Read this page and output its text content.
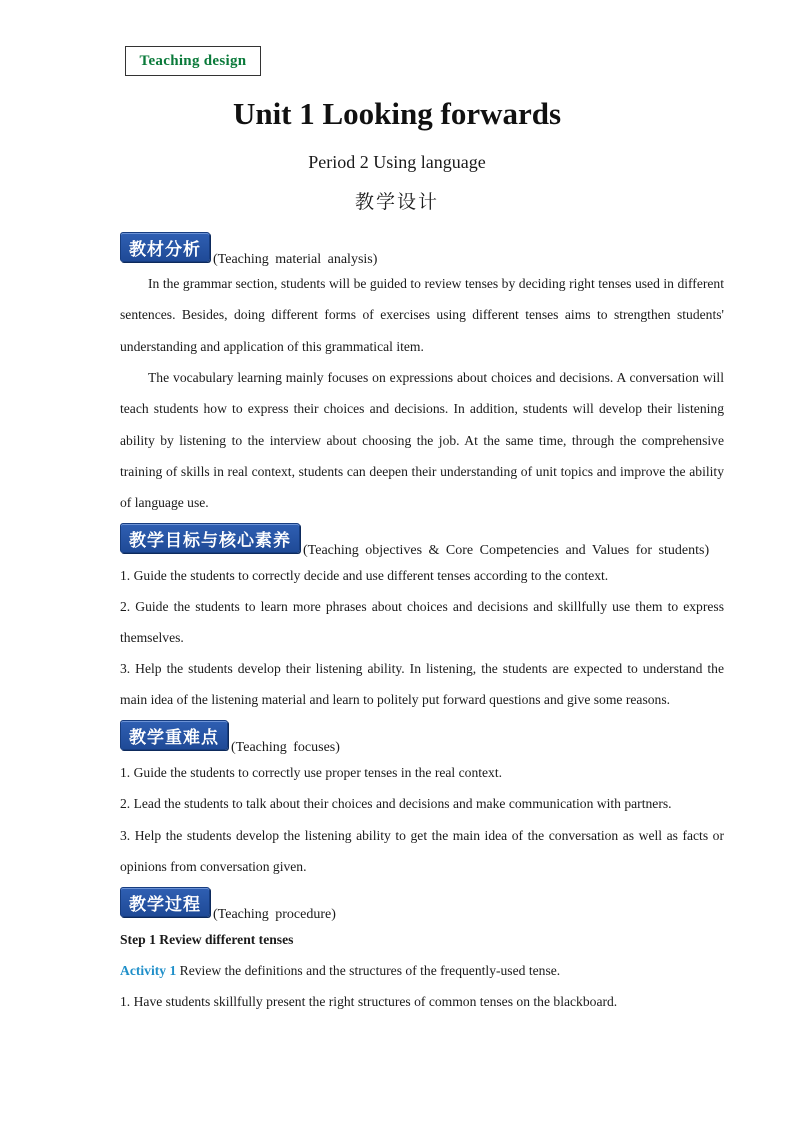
Teaching design
Unit 1 Looking forwards
Period 2 Using language
教学设计
教材分析 (Teaching material analysis)

In the grammar section, students will be guided to review tenses by deciding right tenses used in different sentences. Besides, doing different forms of exercises using different tenses aims to strengthen students' understanding and application of this grammatical item.

The vocabulary learning mainly focuses on expressions about choices and decisions. A conversation will teach students how to express their choices and decisions. In addition, students will develop their listening ability by listening to the interview about choosing the job. At the same time, through the comprehensive training of skills in real context, students can deepen their understanding of unit topics and improve the ability of language use.

教学目标与核心素养 (Teaching objectives & Core Competencies and Values for students)

1. Guide the students to correctly decide and use different tenses according to the context.

2. Guide the students to learn more phrases about choices and decisions and skillfully use them to express themselves.

3. Help the students develop their listening ability. In listening, the students are expected to understand the main idea of the listening material and learn to politely put forward questions and give some reasons.

教学重难点 (Teaching focuses)

1. Guide the students to correctly use proper tenses in the real context.

2. Lead the students to talk about their choices and decisions and make communication with partners.

3. Help the students develop the listening ability to get the main idea of the conversation as well as facts or opinions from conversation given.

教学过程 (Teaching procedure)

Step 1 Review different tenses

Activity 1 Review the definitions and the structures of the frequently-used tense.

1. Have students skillfully present the right structures of common tenses on the blackboard.
